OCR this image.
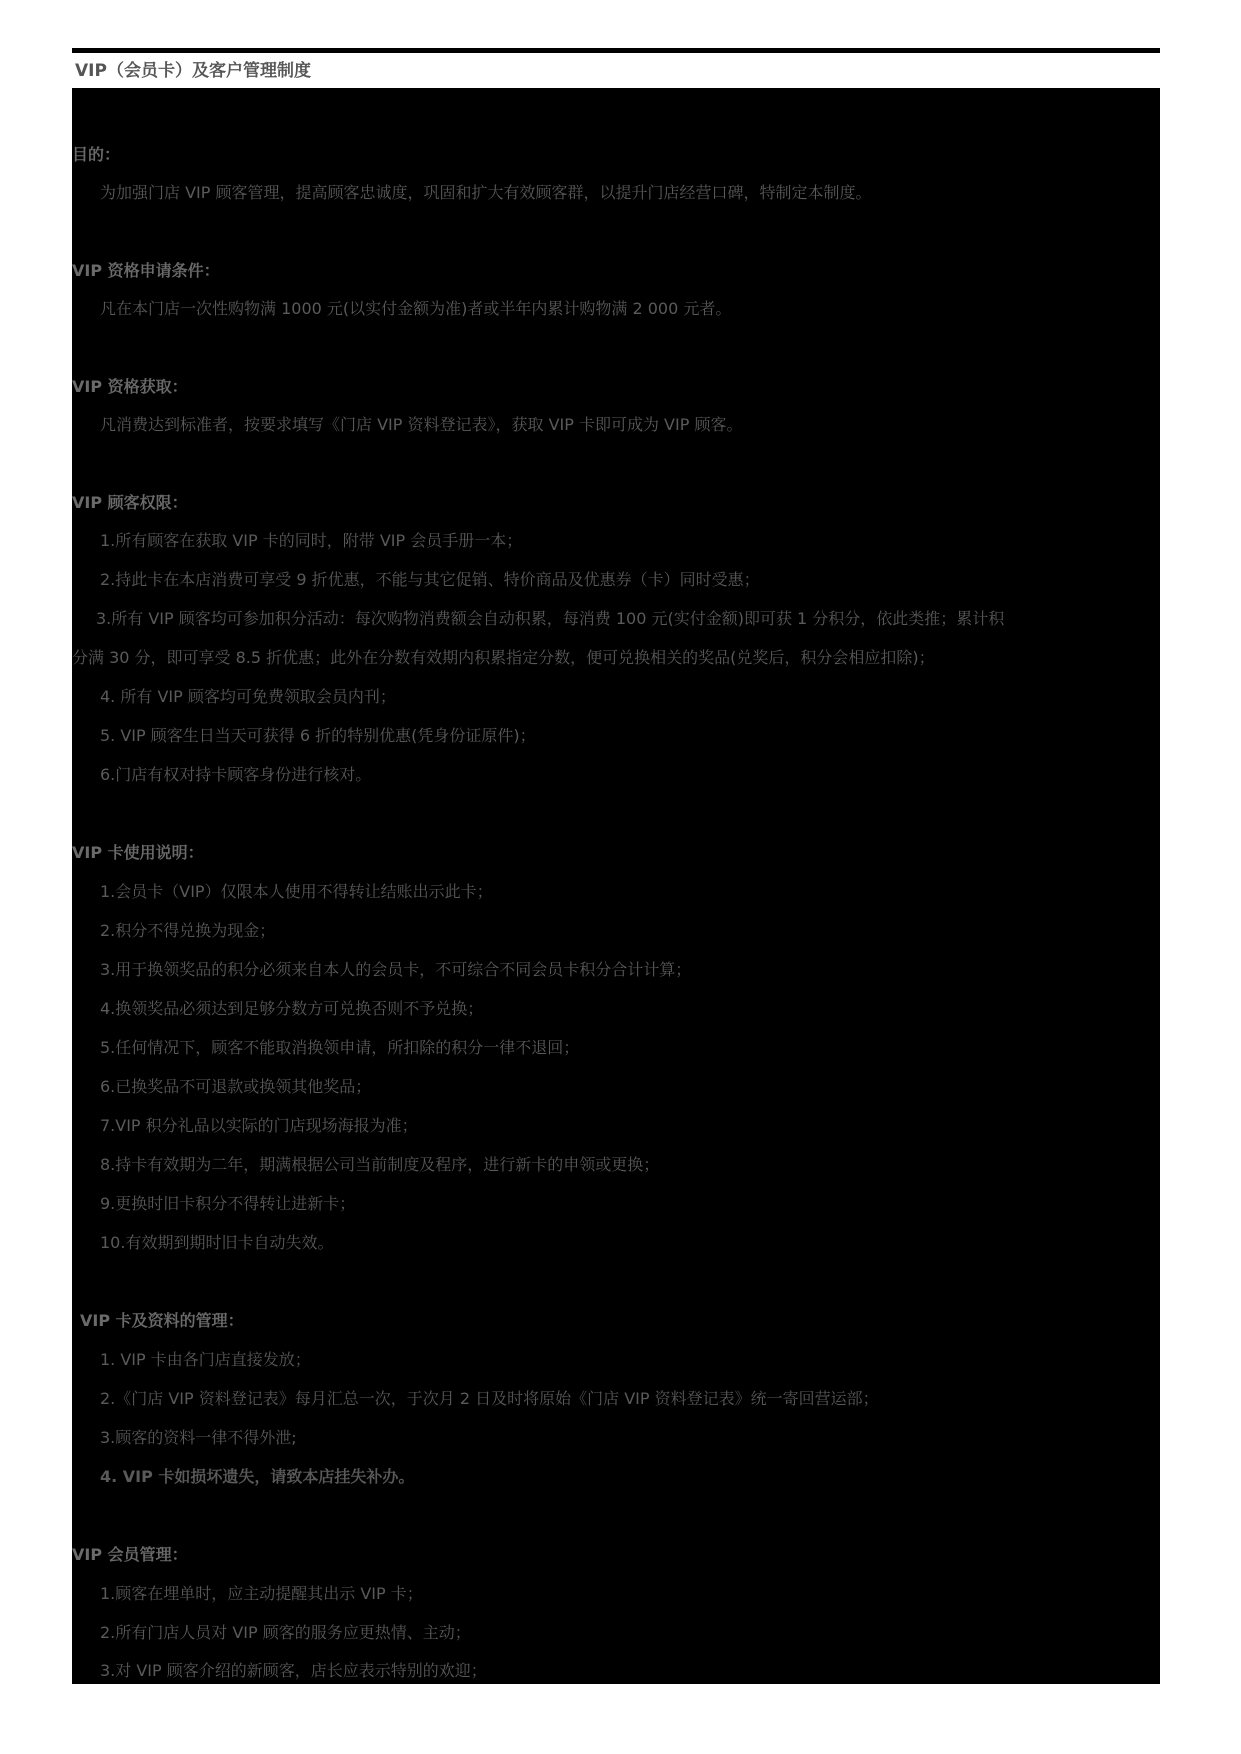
VIP（会员卡）及客户管理制度
目的：
为加强门店 VIP 顾客管理，提高顾客忠诚度，巩固和扩大有效顾客群，以提升门店经营口碑，特制定本制度。
VIP 资格申请条件：
凡在本门店一次性购物满 1000 元(以实付金额为准)者或半年内累计购物满 2 000 元者。
VIP 资格获取：
凡消费达到标准者，按要求填写《门店 VIP 资料登记表》，获取 VIP 卡即可成为 VIP 顾客。
VIP 顾客权限：
1.所有顾客在获取 VIP 卡的同时，附带 VIP 会员手册一本；
2.持此卡在本店消费可享受 9 折优惠，不能与其它促销、特价商品及优惠券（卡）同时受惠；
3.所有 VIP 顾客均可参加积分活动：每次购物消费额会自动积累，每消费 100 元(实付金额)即可获 1 分积分，依此类推；累计积
分满 30 分，即可享受 8.5 折优惠；此外在分数有效期内积累指定分数，便可兑换相关的奖品(兑奖后，积分会相应扣除)；
4. 所有 VIP 顾客均可免费领取会员内刊；
5. VIP 顾客生日当天可获得 6 折的特别优惠(凭身份证原件)；
6.门店有权对持卡顾客身份进行核对。
VIP 卡使用说明：
1.会员卡（VIP）仅限本人使用不得转让结账出示此卡；
2.积分不得兑换为现金；
3.用于换领奖品的积分必须来自本人的会员卡，不可综合不同会员卡积分合计计算；
4.换领奖品必须达到足够分数方可兑换否则不予兑换；
5.任何情况下，顾客不能取消换领申请，所扣除的积分一律不退回；
6.已换奖品不可退款或换领其他奖品；
7.VIP 积分礼品以实际的门店现场海报为准；
8.持卡有效期为二年，期满根据公司当前制度及程序，进行新卡的申领或更换；
9.更换时旧卡积分不得转让进新卡；
10.有效期到期时旧卡自动失效。
VIP 卡及资料的管理：
1. VIP 卡由各门店直接发放；
2.《门店 VIP 资料登记表》每月汇总一次，于次月 2 日及时将原始《门店 VIP 资料登记表》统一寄回营运部；
3.顾客的资料一律不得外泄;
4. VIP 卡如损坏遗失，请致本店挂失补办。
VIP 会员管理：
1.顾客在埋单时，应主动提醒其出示 VIP 卡；
2.所有门店人员对 VIP 顾客的服务应更热情、主动；
3.对 VIP 顾客介绍的新顾客，店长应表示特别的欢迎；
